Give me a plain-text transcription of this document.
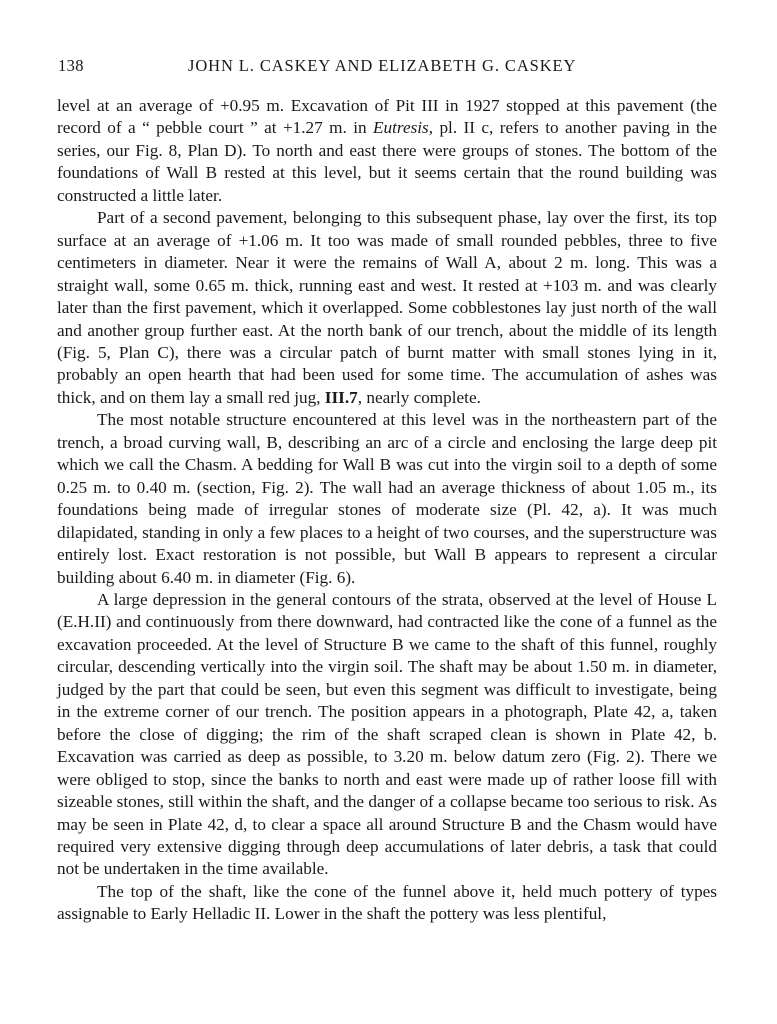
138	JOHN L. CASKEY AND ELIZABETH G. CASKEY

level at an average of +0.95 m. Excavation of Pit III in 1927 stopped at this pavement (the record of a “ pebble court ” at +1.27 m. in Eutresis, pl. II c, refers to another paving in the series, our Fig. 8, Plan D). To north and east there were groups of stones. The bottom of the foundations of Wall B rested at this level, but it seems certain that the round building was constructed a little later.

Part of a second pavement, belonging to this subsequent phase, lay over the first, its top surface at an average of +1.06 m. It too was made of small rounded pebbles, three to five centimeters in diameter. Near it were the remains of Wall A, about 2 m. long. This was a straight wall, some 0.65 m. thick, running east and west. It rested at +103 m. and was clearly later than the first pavement, which it overlapped. Some cobblestones lay just north of the wall and another group further east. At the north bank of our trench, about the middle of its length (Fig. 5, Plan C), there was a circular patch of burnt matter with small stones lying in it, probably an open hearth that had been used for some time. The accumulation of ashes was thick, and on them lay a small red jug, III.7, nearly complete.

The most notable structure encountered at this level was in the northeastern part of the trench, a broad curving wall, B, describing an arc of a circle and enclosing the large deep pit which we call the Chasm. A bedding for Wall B was cut into the virgin soil to a depth of some 0.25 m. to 0.40 m. (section, Fig. 2). The wall had an average thickness of about 1.05 m., its foundations being made of irregular stones of moderate size (Pl. 42, a). It was much dilapidated, standing in only a few places to a height of two courses, and the superstructure was entirely lost. Exact restoration is not possible, but Wall B appears to represent a circular building about 6.40 m. in diameter (Fig. 6).

A large depression in the general contours of the strata, observed at the level of House L (E.H.II) and continuously from there downward, had contracted like the cone of a funnel as the excavation proceeded. At the level of Structure B we came to the shaft of this funnel, roughly circular, descending vertically into the virgin soil. The shaft may be about 1.50 m. in diameter, judged by the part that could be seen, but even this segment was difficult to investigate, being in the extreme corner of our trench. The position appears in a photograph, Plate 42, a, taken before the close of digging; the rim of the shaft scraped clean is shown in Plate 42, b. Excavation was carried as deep as possible, to 3.20 m. below datum zero (Fig. 2). There we were obliged to stop, since the banks to north and east were made up of rather loose fill with sizeable stones, still within the shaft, and the danger of a collapse became too serious to risk. As may be seen in Plate 42, d, to clear a space all around Structure B and the Chasm would have required very extensive digging through deep accumulations of later debris, a task that could not be undertaken in the time available.

The top of the shaft, like the cone of the funnel above it, held much pottery of types assignable to Early Helladic II. Lower in the shaft the pottery was less plentiful,
